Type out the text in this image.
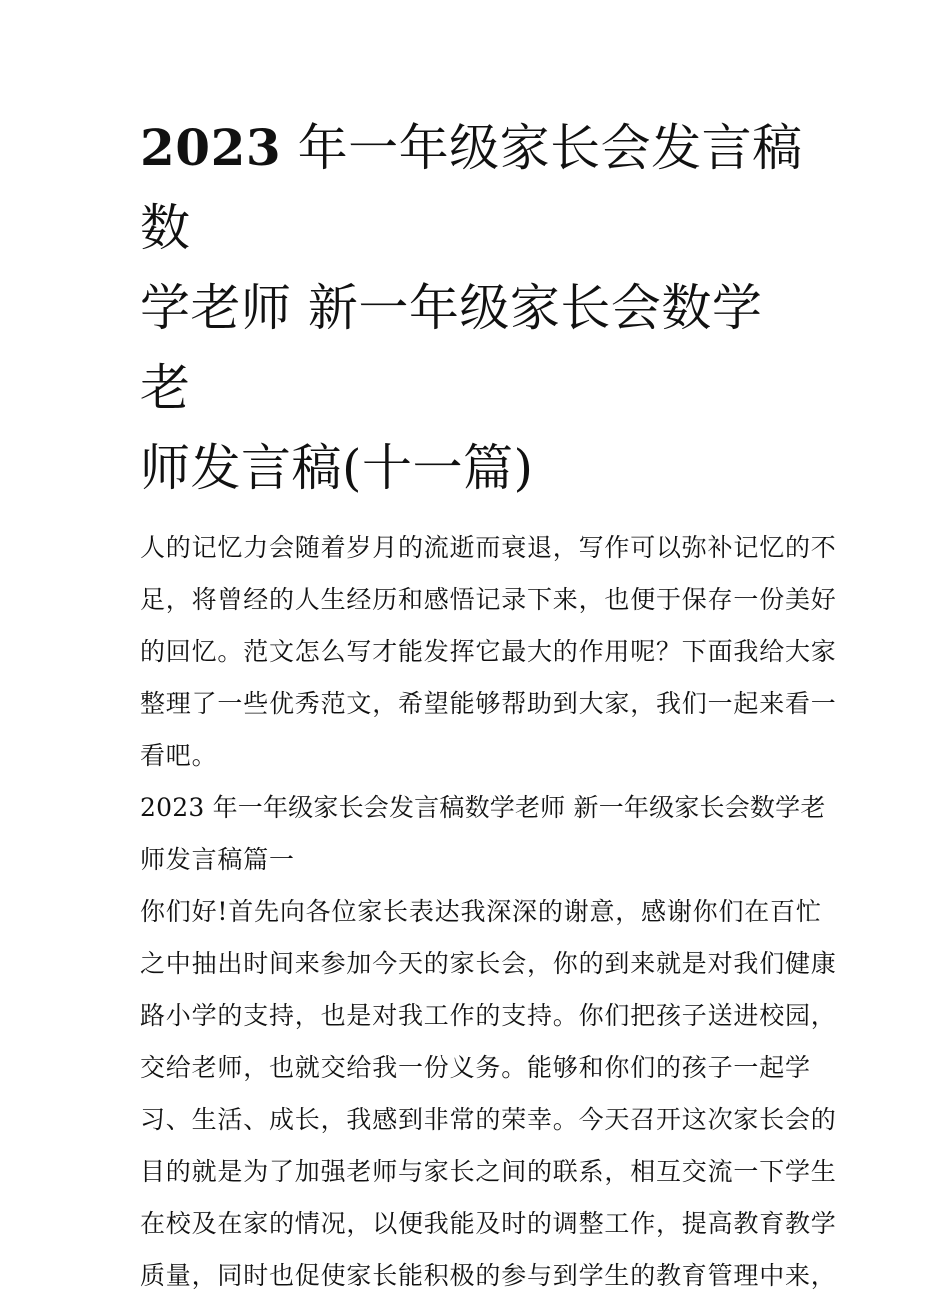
2023 年一年级家长会发言稿数
学老师 新一年级家长会数学老
师发言稿(十一篇)

人的记忆力会随着岁月的流逝而衰退，写作可以弥补记忆的不

足，将曾经的人生经历和感悟记录下来，也便于保存一份美好

的回忆。范文怎么写才能发挥它最大的作用呢？下面我给大家

整理了一些优秀范文，希望能够帮助到大家，我们一起来看一

看吧。

2023 年一年级家长会发言稿数学老师 新一年级家长会数学老

师发言稿篇一

你们好!首先向各位家长表达我深深的谢意，感谢你们在百忙

之中抽出时间来参加今天的家长会，你的到来就是对我们健康

路小学的支持，也是对我工作的支持。你们把孩子送进校园，

交给老师，也就交给我一份义务。能够和你们的孩子一起学

习、生活、成长，我感到非常的荣幸。今天召开这次家长会的

目的就是为了加强老师与家长之间的联系，相互交流一下学生

在校及在家的情况，以便我能及时的调整工作，提高教育教学

质量，同时也促使家长能积极的参与到学生的教育管理中来，
